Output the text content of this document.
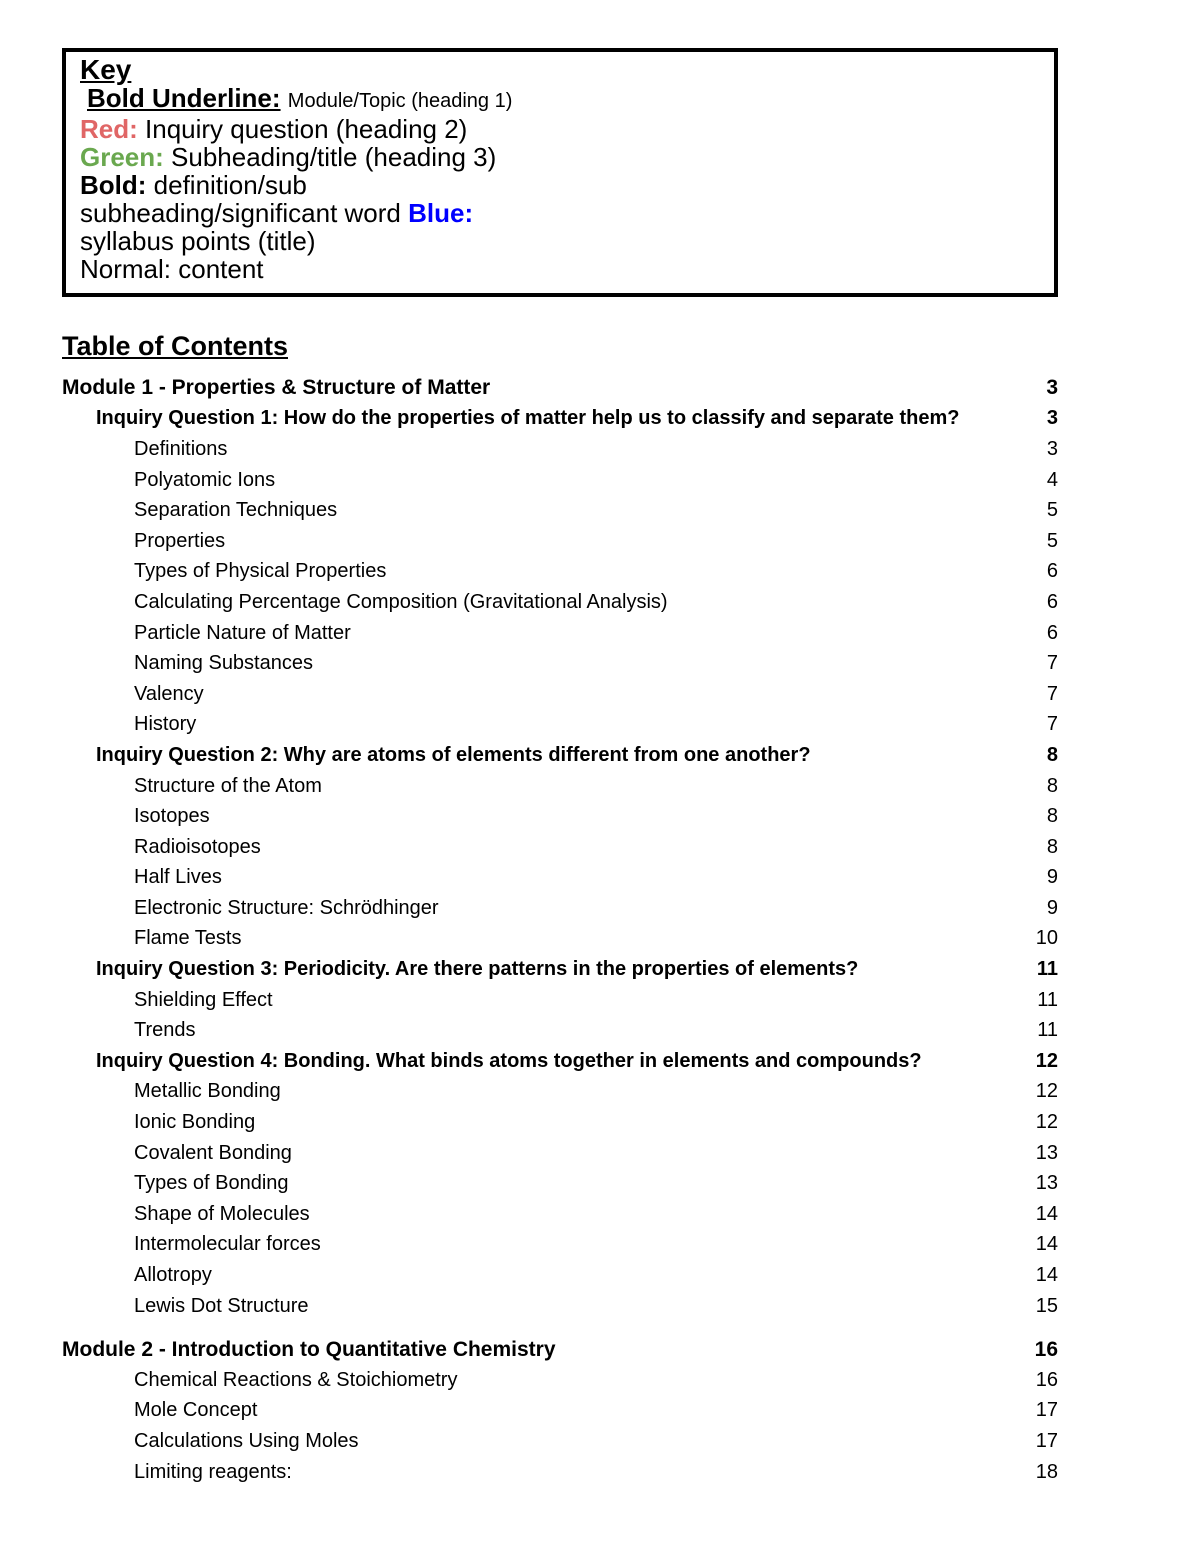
Key
Bold Underline: Module/Topic (heading 1)
Red: Inquiry question (heading 2)
Green: Subheading/title (heading 3)
Bold: definition/sub
subheading/significant word Blue:
syllabus points (title)
Normal: content
Table of Contents
Module 1 - Properties & Structure of Matter	3
Inquiry Question 1: How do the properties of matter help us to classify and separate them?	3
Definitions	3
Polyatomic Ions	4
Separation Techniques	5
Properties	5
Types of Physical Properties	6
Calculating Percentage Composition (Gravitational Analysis)	6
Particle Nature of Matter	6
Naming Substances	7
Valency	7
History	7
Inquiry Question 2: Why are atoms of elements different from one another?	8
Structure of the Atom	8
Isotopes	8
Radioisotopes	8
Half Lives	9
Electronic Structure: Schrödhinger	9
Flame Tests	10
Inquiry Question 3: Periodicity. Are there patterns in the properties of elements?	11
Shielding Effect	11
Trends	11
Inquiry Question 4: Bonding. What binds atoms together in elements and compounds?	12
Metallic Bonding	12
Ionic Bonding	12
Covalent Bonding	13
Types of Bonding	13
Shape of Molecules	14
Intermolecular forces	14
Allotropy	14
Lewis Dot Structure	15
Module 2 - Introduction to Quantitative Chemistry	16
Chemical Reactions & Stoichiometry	16
Mole Concept	17
Calculations Using Moles	17
Limiting reagents:	18
